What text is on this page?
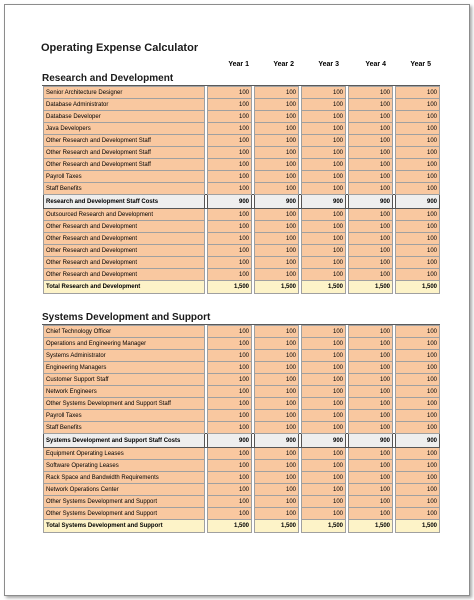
Operating Expense Calculator
Year 1	Year 2	Year 3	Year 4	Year 5
Research and Development
Senior Architecture Designer		100		100		100		100		100
Database Administrator		100		100		100		100		100
Database Developer		100		100		100		100		100
Java Developers		100		100		100		100		100
Other Research and Development Staff		100		100		100		100		100
Other Research and Development Staff		100		100		100		100		100
Other Research and Development Staff		100		100		100		100		100
Payroll Taxes		100		100		100		100		100
Staff Benefits		100		100		100		100		100
Research and Development Staff Costs		900		900		900		900		900
Outsourced Research and Development		100		100		100		100		100
Other Research and Development		100		100		100		100		100
Other Research and Development		100		100		100		100		100
Other Research and Development		100		100		100		100		100
Other Research and Development		100		100		100		100		100
Other Research and Development		100		100		100		100		100
Total Research and Development		1,500		1,500		1,500		1,500		1,500
Systems Development and Support
Chief Technology Officer		100		100		100		100		100
Operations and Engineering Manager		100		100		100		100		100
Systems Administrator		100		100		100		100		100
Engineering Managers		100		100		100		100		100
Customer Support Staff		100		100		100		100		100
Network Engineers		100		100		100		100		100
Other Systems Development and Support Staff		100		100		100		100		100
Payroll Taxes		100		100		100		100		100
Staff Benefits		100		100		100		100		100
Systems Development and Support Staff Costs		900		900		900		900		900
Equipment Operating Leases		100		100		100		100		100
Software Operating Leases		100		100		100		100		100
Rack Space and Bandwidth Requirements		100		100		100		100		100
Network Operations Center		100		100		100		100		100
Other Systems Development and Support		100		100		100		100		100
Other Systems Development and Support		100		100		100		100		100
Total Systems Development and Support		1,500		1,500		1,500		1,500		1,500
